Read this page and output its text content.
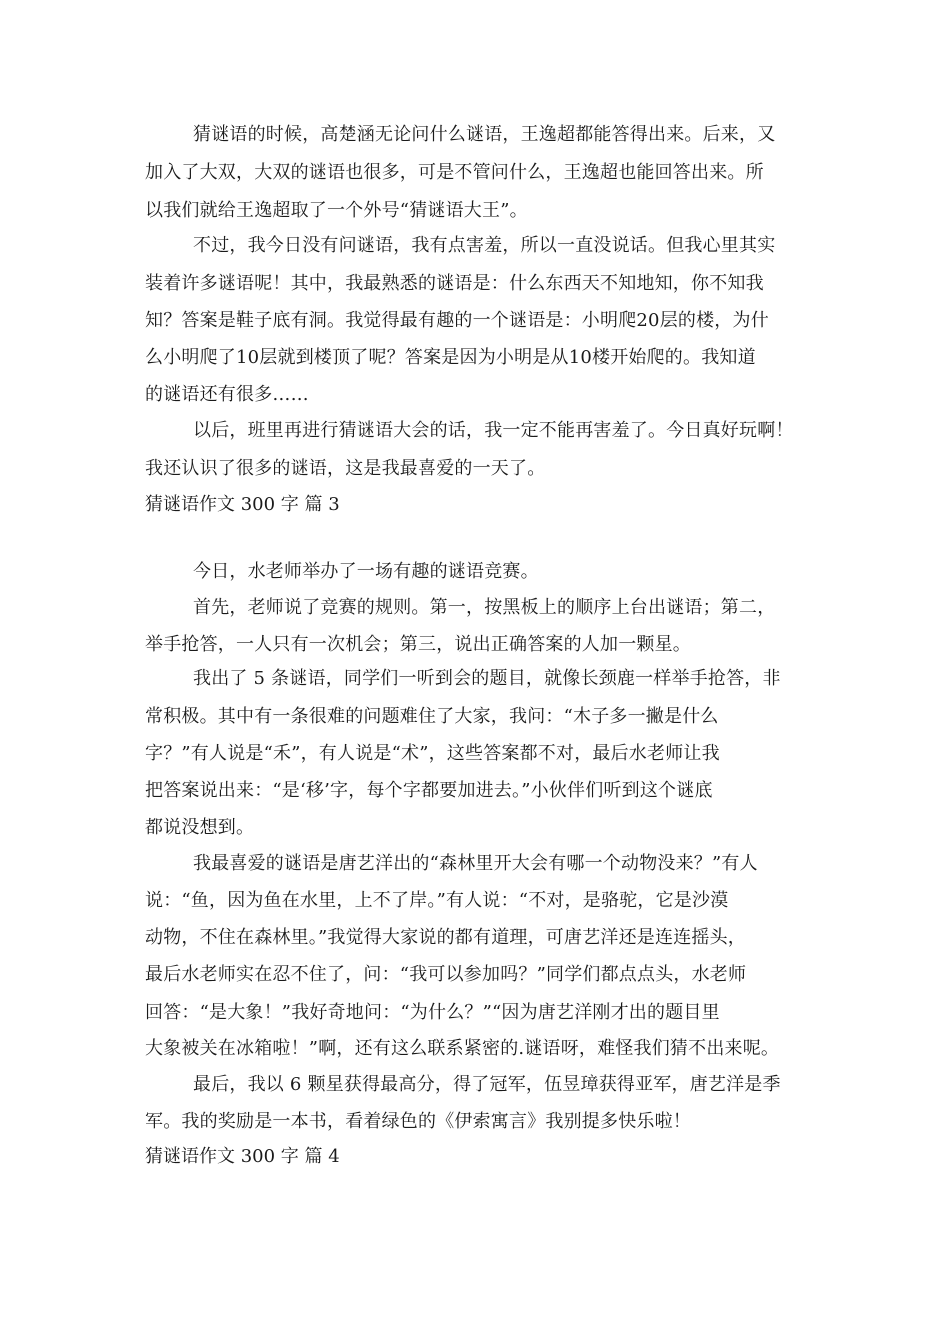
猜谜语的时候，高楚涵无论问什么谜语，王逸超都能答得出来。后来，又
加入了大双，大双的谜语也很多，可是不管问什么，王逸超也能回答出来。所
以我们就给王逸超取了一个外号“猜谜语大王”。
不过，我今日没有问谜语，我有点害羞，所以一直没说话。但我心里其实
装着许多谜语呢！其中，我最熟悉的谜语是：什么东西天不知地知，你不知我
知？答案是鞋子底有洞。我觉得最有趣的一个谜语是：小明爬20层的楼，为什
么小明爬了10层就到楼顶了呢？答案是因为小明是从10楼开始爬的。我知道
的谜语还有很多……
以后，班里再进行猜谜语大会的话，我一定不能再害羞了。今日真好玩啊！
我还认识了很多的谜语，这是我最喜爱的一天了。
猜谜语作文 300 字 篇 3
今日，水老师举办了一场有趣的谜语竞赛。
首先，老师说了竞赛的规则。第一，按黑板上的顺序上台出谜语；第二，
举手抢答，一人只有一次机会；第三，说出正确答案的人加一颗星。
我出了 5 条谜语，同学们一听到会的题目，就像长颈鹿一样举手抢答，非
常积极。其中有一条很难的问题难住了大家，我问：“木子多一撇是什么
字？”有人说是“禾”，有人说是“术”，这些答案都不对，最后水老师让我
把答案说出来：“是‘移’字，每个字都要加进去。”小伙伴们听到这个谜底
都说没想到。
我最喜爱的谜语是唐艺洋出的“森林里开大会有哪一个动物没来？”有人
说：“鱼，因为鱼在水里，上不了岸。”有人说：“不对，是骆驼，它是沙漠
动物，不住在森林里。”我觉得大家说的都有道理，可唐艺洋还是连连摇头，
最后水老师实在忍不住了，问：“我可以参加吗？”同学们都点点头，水老师
回答：“是大象！”我好奇地问：“为什么？”“因为唐艺洋刚才出的题目里
大象被关在冰箱啦！”啊，还有这么联系紧密的.谜语呀，难怪我们猜不出来呢。
最后，我以 6 颗星获得最高分，得了冠军，伍昱璋获得亚军，唐艺洋是季
军。我的奖励是一本书，看着绿色的《伊索寓言》我别提多快乐啦！
猜谜语作文 300 字 篇 4
